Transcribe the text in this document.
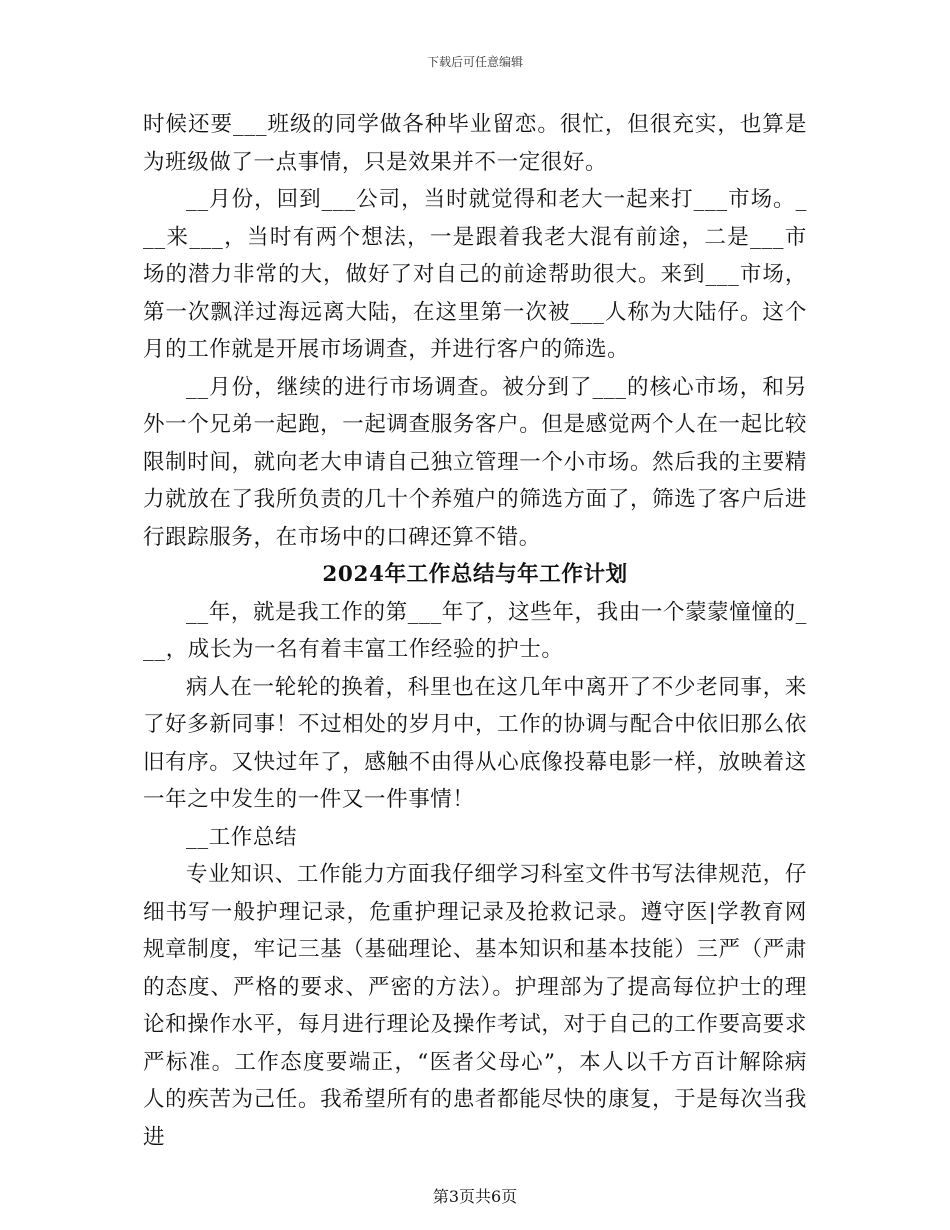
下载后可任意编辑

时候还要___班级的同学做各种毕业留恋。很忙，但很充实，也算是为班级做了一点事情，只是效果并不一定很好。

__月份，回到___公司，当时就觉得和老大一起来打___市场。___来___，当时有两个想法，一是跟着我老大混有前途，二是___市场的潜力非常的大，做好了对自己的前途帮助很大。来到___市场，第一次飘洋过海远离大陆，在这里第一次被___人称为大陆仔。这个月的工作就是开展市场调查，并进行客户的筛选。

__月份，继续的进行市场调查。被分到了___的核心市场，和另外一个兄弟一起跑，一起调查服务客户。但是感觉两个人在一起比较限制时间，就向老大申请自己独立管理一个小市场。然后我的主要精力就放在了我所负责的几十个养殖户的筛选方面了，筛选了客户后进行跟踪服务，在市场中的口碑还算不错。

2024年工作总结与年工作计划

__年，就是我工作的第___年了，这些年，我由一个蒙蒙憧憧的___，成长为一名有着丰富工作经验的护士。

病人在一轮轮的换着，科里也在这几年中离开了不少老同事，来了好多新同事！不过相处的岁月中，工作的协调与配合中依旧那么依旧有序。又快过年了，感触不由得从心底像投幕电影一样，放映着这一年之中发生的一件又一件事情！

__工作总结

专业知识、工作能力方面我仔细学习科室文件书写法律规范，仔细书写一般护理记录，危重护理记录及抢救记录。遵守医|学教育网规章制度，牢记三基（基础理论、基本知识和基本技能）三严（严肃的态度、严格的要求、严密的方法）。护理部为了提高每位护士的理论和操作水平，每月进行理论及操作考试，对于自己的工作要高要求严标准。工作态度要端正，“医者父母心”，本人以千方百计解除病人的疾苦为己任。我希望所有的患者都能尽快的康复，于是每次当我进

第3页共6页
